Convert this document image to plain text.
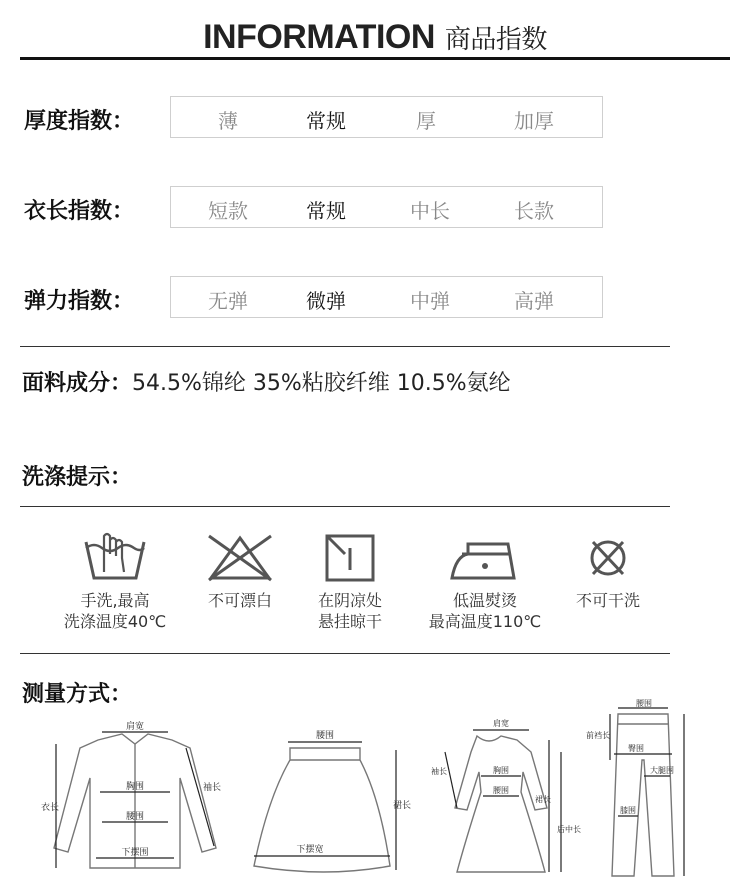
INFORMATION 商品指数
厚度指数：	薄	常规	厚	加厚
衣长指数：	短款	常规	中长	长款
弹力指数：	无弹	微弹	中弹	高弹
面料成分：54.5%锦纶 35%粘胶纤维 10.5%氨纶
洗涤提示：
手洗,最高
洗涤温度40℃
不可漂白	在阴凉处
悬挂晾干
低温熨烫
最高温度110℃
不可干洗
测量方式：
肩宽
胸围
腰围
下摆围
衣长
袖长
腰围
下摆宽
裙长
肩宽
胸围
腰围
袖长
裙长
后中长
腰围
臀围
大腿围
膝围
前裆长
